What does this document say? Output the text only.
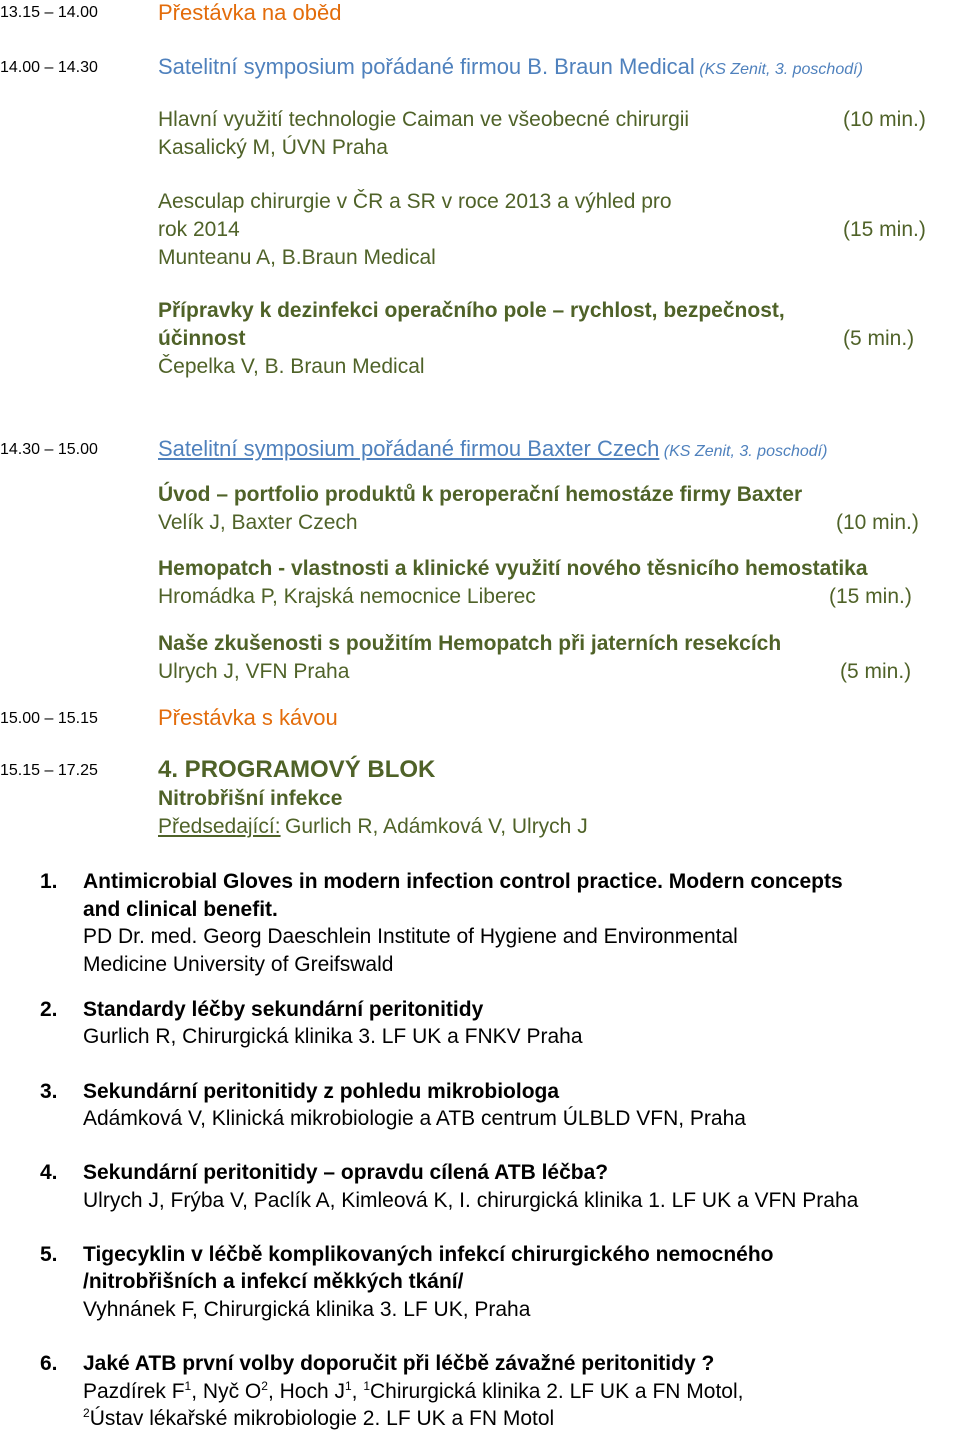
13.15 – 14.00	Přestávka na oběd
14.00 – 14.30	Satelitní symposium pořádané firmou B. Braun Medical (KS Zenit, 3. poschodí)
Hlavní využití technologie Caiman ve všeobecné chirurgii	(10 min.)
Kasalický M, ÚVN Praha
Aesculap chirurgie v ČR a SR v roce 2013 a výhled pro
rok 2014	(15 min.)
Munteanu A, B.Braun Medical
Přípravky k dezinfekci operačního pole – rychlost, bezpečnost,
účinnost	(5 min.)
Čepelka V, B. Braun Medical
14.30 – 15.00	Satelitní symposium pořádané firmou Baxter Czech (KS Zenit, 3. poschodí)
Úvod – portfolio produktů k peroperační hemostáze firmy Baxter
Velík J, Baxter Czech	(10 min.)
Hemopatch - vlastnosti a klinické využití nového těsnicího hemostatika
Hromádka P, Krajská nemocnice Liberec	(15 min.)
Naše zkušenosti s použitím Hemopatch při jaterních resekcích
Ulrych J, VFN Praha	(5 min.)
15.00 – 15.15	Přestávka s kávou
15.15 – 17.25	4. PROGRAMOVÝ BLOK
Nitrobřišní infekce
Předsedající: Gurlich R, Adámková V, Ulrych J
1. Antimicrobial Gloves in modern infection control practice. Modern concepts
and clinical benefit.
PD Dr. med. Georg Daeschlein Institute of Hygiene and Environmental
Medicine University of Greifswald
2. Standardy léčby sekundární peritonitidy
Gurlich R, Chirurgická klinika 3. LF UK a FNKV Praha
3. Sekundární peritonitidy z pohledu mikrobiologa
Adámková V, Klinická mikrobiologie a ATB centrum ÚLBLD VFN, Praha
4. Sekundární peritonitidy – opravdu cílená ATB léčba?
Ulrych J, Frýba V, Paclík A, Kimleová K, I. chirurgická klinika 1. LF UK a VFN Praha
5. Tigecyklin v léčbě komplikovaných infekcí chirurgického nemocného
/nitrobřišních a infekcí měkkých tkání/
Vyhnánek F, Chirurgická klinika 3. LF UK, Praha
6. Jaké ATB první volby doporučit při léčbě závažné peritonitidy ?
Pazdírek $F^1$, Nyč $O^2$, Hoch $J^1$, $^1$Chirurgická klinika 2. LF UK a FN Motol,
$^2$Ústav lékařské mikrobiologie 2. LF UK a FN Motol
